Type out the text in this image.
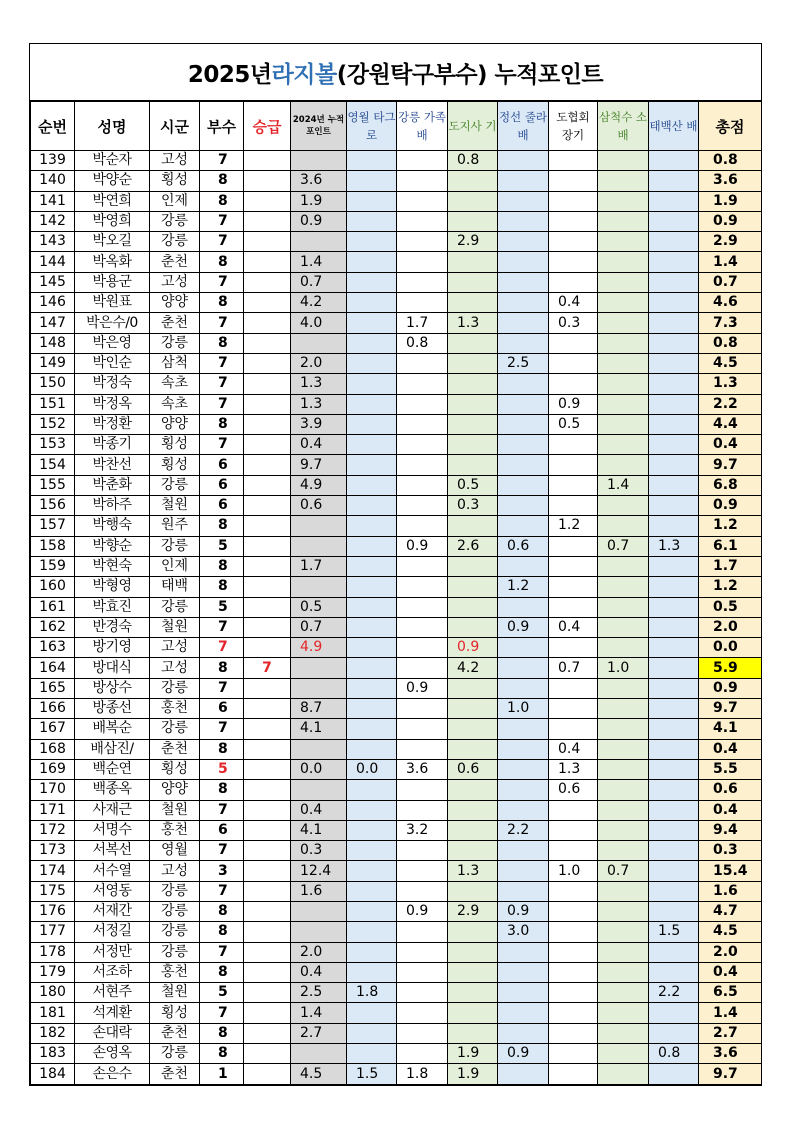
2025년 라지볼 (강원탁구부수) 누적포인트
순번	성명	시군	부수	승급	2024년 누적포인트	영월 타그로	강릉 가족배	도지사 기	정선 줄라배	도협회 장기	삼척수 소배	태백산 배	총점
139	박순자	고성	7					0.8					0.8
140	박양순	횡성	8		3.6								3.6
141	박연희	인제	8		1.9								1.9
142	박영희	강릉	7		0.9								0.9
143	박오길	강릉	7					2.9					2.9
144	박옥화	춘천	8		1.4								1.4
145	박용군	고성	7		0.7								0.7
146	박원표	양양	8		4.2					0.4			4.6
147	박은수/0	춘천	7		4.0		1.7	1.3		0.3			7.3
148	박은영	강릉	8				0.8						0.8
149	박인순	삼척	7		2.0				2.5				4.5
150	박정숙	속초	7		1.3								1.3
151	박정옥	속초	7		1.3					0.9			2.2
152	박정환	양양	8		3.9					0.5			4.4
153	박종기	횡성	7		0.4								0.4
154	박찬선	횡성	6		9.7								9.7
155	박춘화	강릉	6		4.9			0.5			1.4		6.8
156	박하주	철원	6		0.6			0.3					0.9
157	박행숙	원주	8							1.2			1.2
158	박향순	강릉	5				0.9	2.6	0.6		0.7	1.3	6.1
159	박현숙	인제	8		1.7								1.7
160	박형영	태백	8						1.2				1.2
161	박효진	강릉	5		0.5								0.5
162	반경숙	철원	7		0.7				0.9	0.4			2.0
163	방기영	고성	7		4.9			0.9					0.0
164	방대식	고성	8	7				4.2		0.7	1.0		5.9
165	방상수	강릉	7				0.9						0.9
166	방종선	홍천	6		8.7				1.0				9.7
167	배복순	강릉	7		4.1								4.1
168	배삼진/	춘천	8							0.4			0.4
169	백순연	횡성	5		0.0	0.0	3.6	0.6		1.3			5.5
170	백종옥	양양	8							0.6			0.6
171	사재근	철원	7		0.4								0.4
172	서명수	홍천	6		4.1		3.2		2.2				9.4
173	서복선	영월	7		0.3								0.3
174	서수열	고성	3		12.4			1.3		1.0	0.7		15.4
175	서영동	강릉	7		1.6								1.6
176	서재간	강릉	8				0.9	2.9	0.9				4.7
177	서정길	강릉	8						3.0			1.5	4.5
178	서정만	강릉	7		2.0								2.0
179	서조하	홍천	8		0.4								0.4
180	서현주	철원	5		2.5	1.8						2.2	6.5
181	석계환	횡성	7		1.4								1.4
182	손대락	춘천	8		2.7								2.7
183	손영옥	강릉	8					1.9	0.9			0.8	3.6
184	손은수	춘천	1		4.5	1.5	1.8	1.9					9.7
